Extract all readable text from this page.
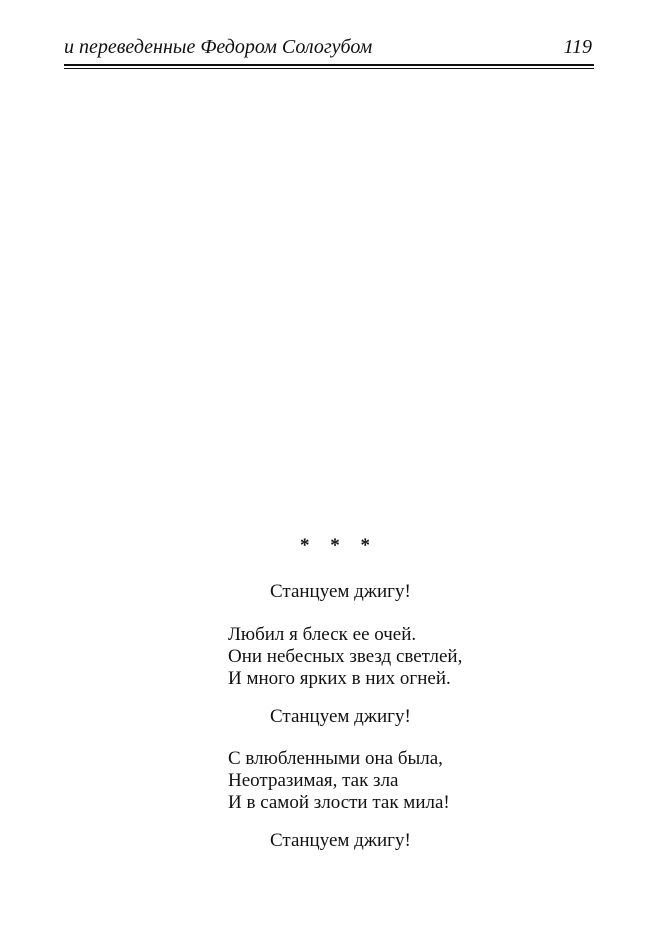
и переведенные Федором Сологубом	119
* * *
Станцуем джигу!
Любил я блеск ее очей.
Они небесных звезд светлей,
И много ярких в них огней.
Станцуем джигу!
С влюбленными она была,
Неотразимая, так зла
И в самой злости так мила!
Станцуем джигу!
